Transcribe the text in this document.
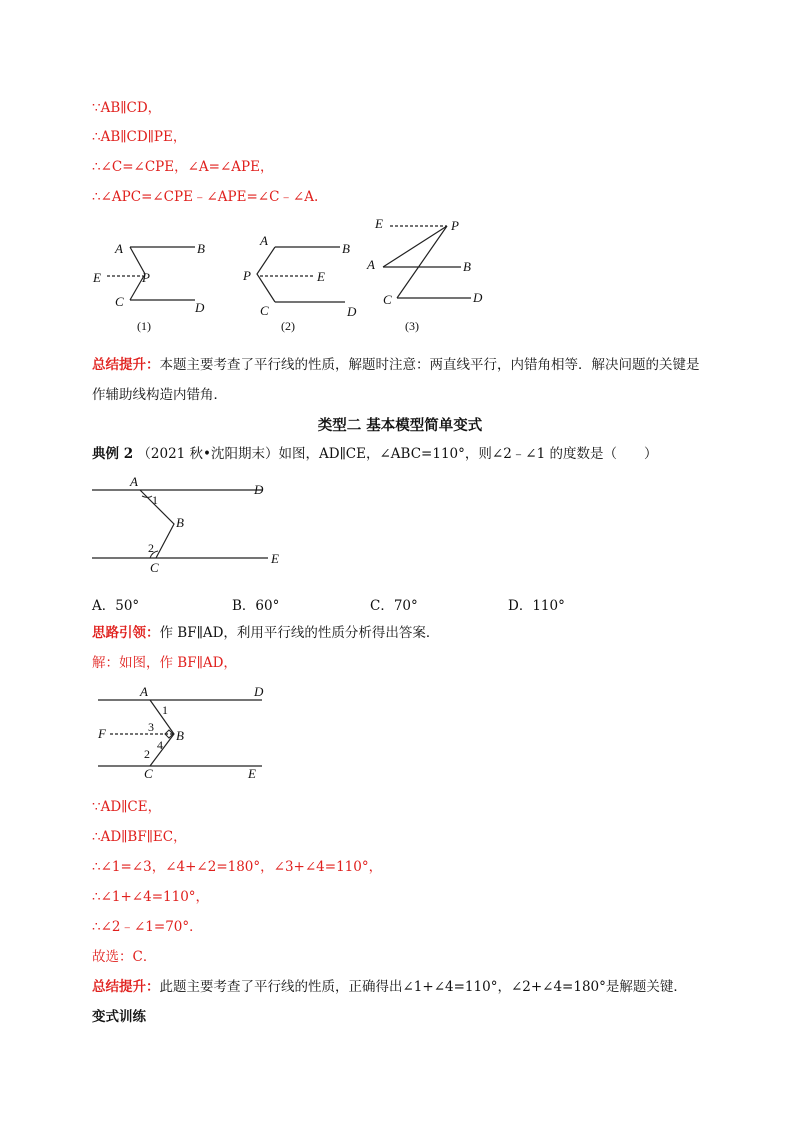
∵AB∥CD，
∴AB∥CD∥PE，
∴∠C=∠CPE，∠A=∠APE，
∴∠APC=∠CPE﹣∠APE=∠C﹣∠A.
A	B
E	P
C	D
(1)
A
B
P	E
C	D
(2)
E	P
A	B
C	D
(3)
总结提升：本题主要考查了平行线的性质，解题时注意：两直线平行，内错角相等．解决问题的关键是
作辅助线构造内错角．
类型二 基本模型简单变式
典例 2 （2021 秋•沈阳期末）如图，AD∥CE，∠ABC=110°，则∠2﹣∠1 的度数是（　　）
A
D
1
B
2
C
E
A．50°	B．60°	C．70°	D．110°
思路引领：作 BF∥AD，利用平行线的性质分析得出答案．
解：如图，作 BF∥AD，
A	D
1
3
F	B
4
2
C	E
∵AD∥CE，
∴AD∥BF∥EC，
∴∠1=∠3，∠4+∠2=180°，∠3+∠4=110°，
∴∠1+∠4=110°，
∴∠2﹣∠1=70°．
故选：C．
总结提升：此题主要考查了平行线的性质，正确得出∠1+∠4=110°，∠2+∠4=180°是解题关键．
变式训练
